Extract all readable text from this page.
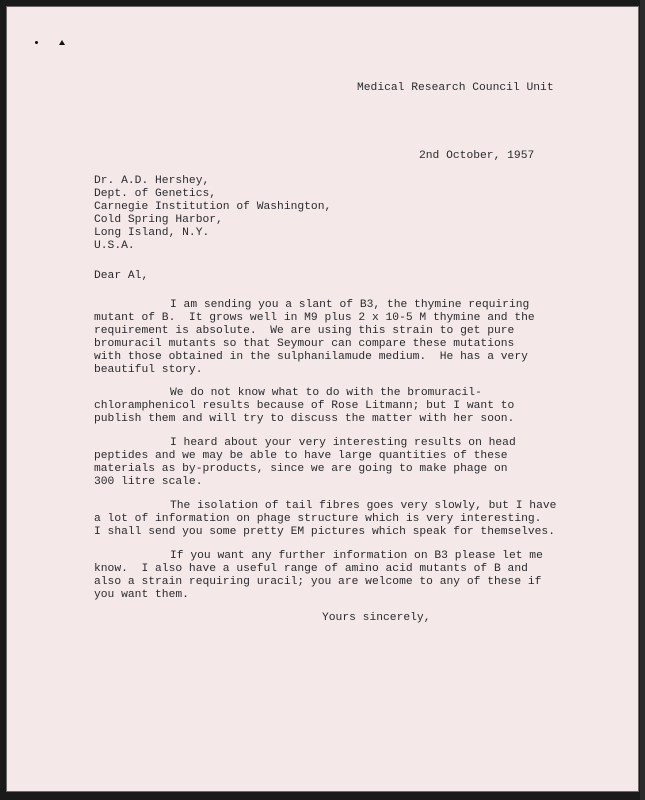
Medical Research Council Unit
2nd October, 1957
Dr. A.D. Hershey,
Dept. of Genetics,
Carnegie Institution of Washington,
Cold Spring Harbor,
Long Island, N.Y.
U.S.A.
Dear Al,
I am sending you a slant of B3, the thymine requiring
mutant of B.  It grows well in M9 plus 2 x 10-5 M thymine and the
requirement is absolute.  We are using this strain to get pure
bromuracil mutants so that Seymour can compare these mutations
with those obtained in the sulphanilamude medium.  He has a very
beautiful story.
We do not know what to do with the bromuracil-
chloramphenicol results because of Rose Litmann; but I want to
publish them and will try to discuss the matter with her soon.
I heard about your very interesting results on head
peptides and we may be able to have large quantities of these
materials as by-products, since we are going to make phage on
300 litre scale.
The isolation of tail fibres goes very slowly, but I have
a lot of information on phage structure which is very interesting.
I shall send you some pretty EM pictures which speak for themselves.
If you want any further information on B3 please let me
know.  I also have a useful range of amino acid mutants of B and
also a strain requiring uracil; you are welcome to any of these if
you want them.
Yours sincerely,
